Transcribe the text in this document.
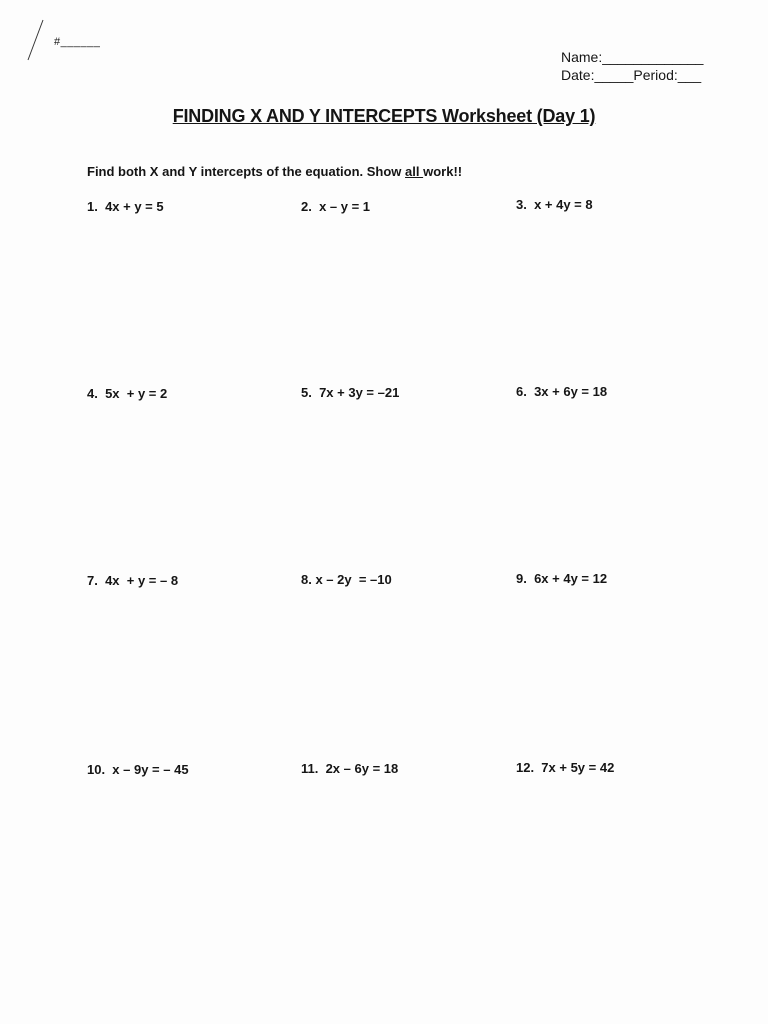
#______
Name:_____________
Date:_____Period:___
FINDING X AND Y INTERCEPTS Worksheet (Day 1)
Find both X and Y intercepts of the equation. Show all work!!
1.  4x + y = 5	2.  x – y = 1	3.  x + 4y = 8
4.  5x  + y = 2	5.  7x + 3y = –21	6.  3x + 6y = 18
7.  4x  + y = – 8	8. x – 2y  = –10	9.  6x + 4y = 12
10.  x – 9y = – 45	11.  2x – 6y = 18	12.  7x + 5y = 42
